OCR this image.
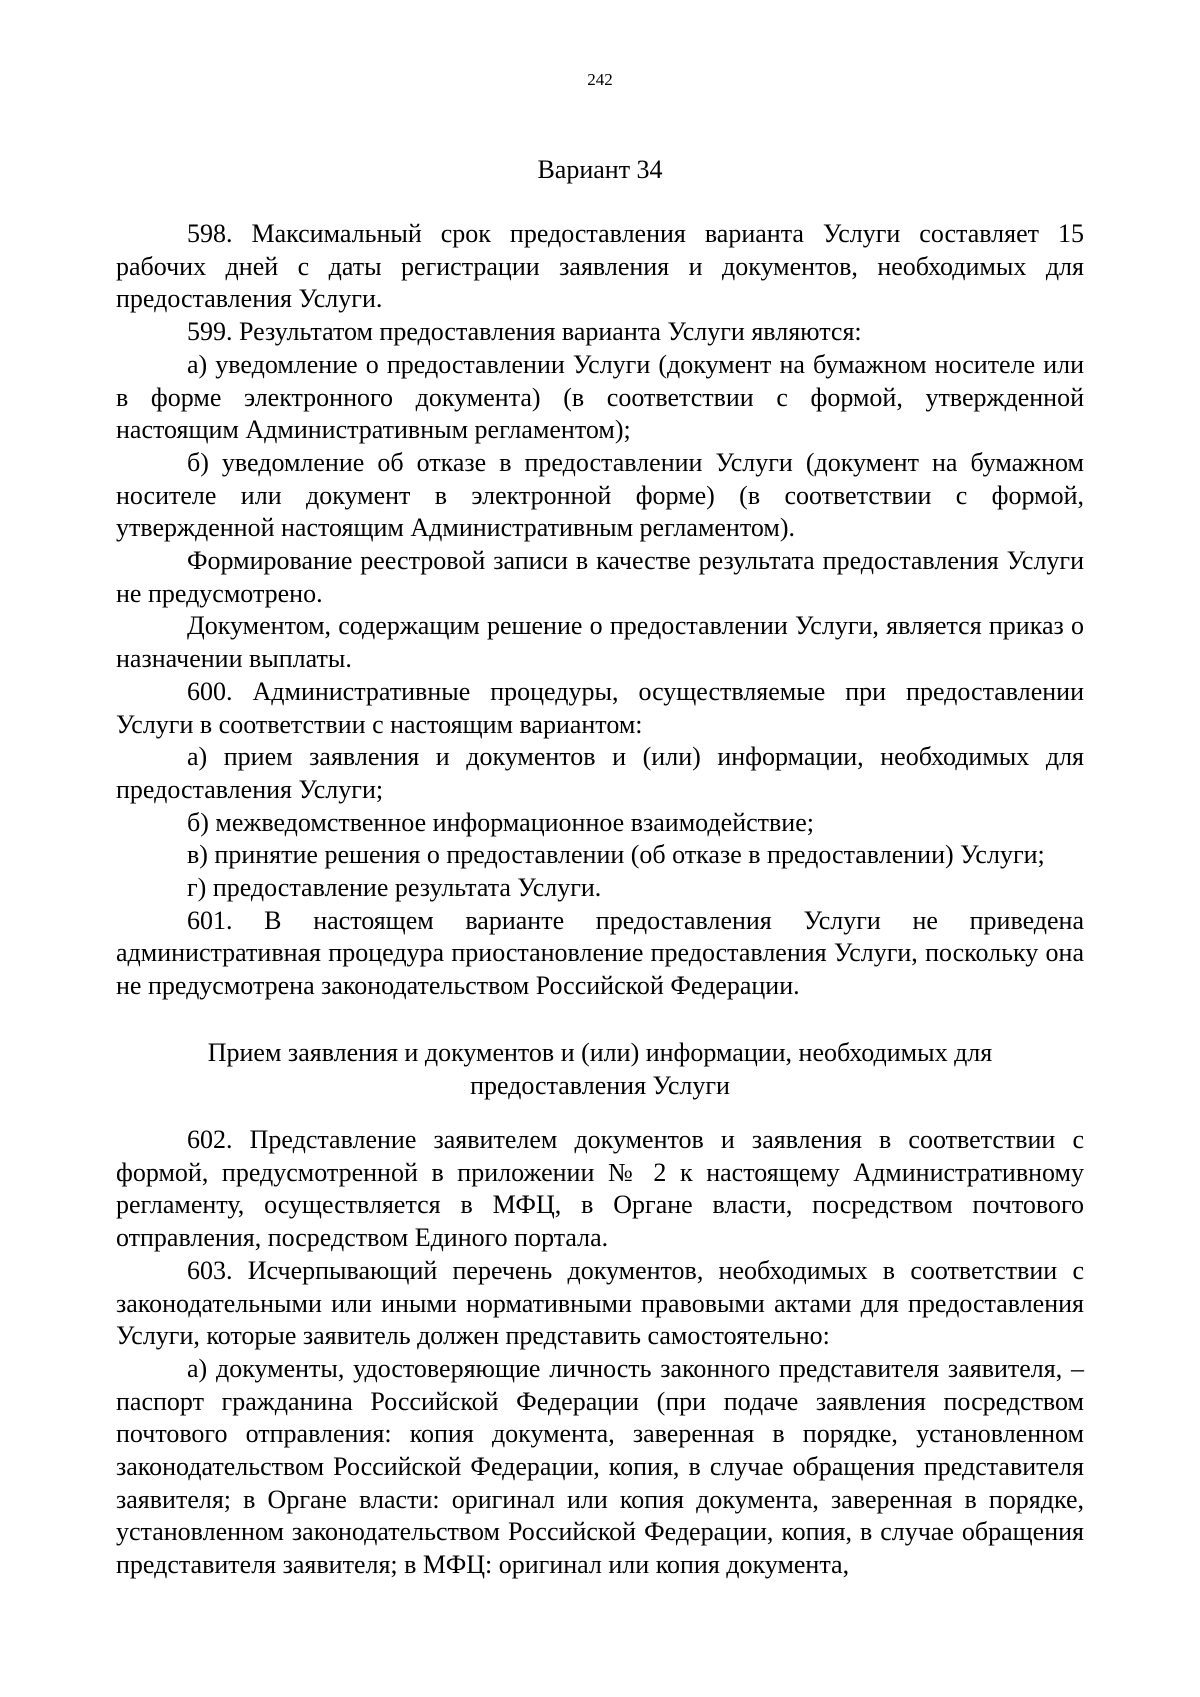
242
Вариант 34

598. Максимальный срок предоставления варианта Услуги составляет 15 рабочих дней с даты регистрации заявления и документов, необходимых для предоставления Услуги.

599. Результатом предоставления варианта Услуги являются:

а) уведомление о предоставлении Услуги (документ на бумажном носителе или в форме электронного документа) (в соответствии с формой, утвержденной настоящим Административным регламентом);

б) уведомление об отказе в предоставлении Услуги (документ на бумажном носителе или документ в электронной форме) (в соответствии с формой, утвержденной настоящим Административным регламентом).

Формирование реестровой записи в качестве результата предоставления Услуги не предусмотрено.

Документом, содержащим решение о предоставлении Услуги, является приказ о назначении выплаты.

600. Административные процедуры, осуществляемые при предоставлении Услуги в соответствии с настоящим вариантом:

а) прием заявления и документов и (или) информации, необходимых для предоставления Услуги;

б) межведомственное информационное взаимодействие;

в) принятие решения о предоставлении (об отказе в предоставлении) Услуги;

г) предоставление результата Услуги.

601. В настоящем варианте предоставления Услуги не приведена административная процедура приостановление предоставления Услуги, поскольку она не предусмотрена законодательством Российской Федерации.

Прием заявления и документов и (или) информации, необходимых для
предоставления Услуги

602. Представление заявителем документов и заявления в соответствии с формой, предусмотренной в приложении № 2 к настоящему Административному регламенту, осуществляется в МФЦ, в Органе власти, посредством почтового отправления, посредством Единого портала.

603. Исчерпывающий перечень документов, необходимых в соответствии с законодательными или иными нормативными правовыми актами для предоставления Услуги, которые заявитель должен представить самостоятельно:

а) документы, удостоверяющие личность законного представителя заявителя, – паспорт гражданина Российской Федерации (при подаче заявления посредством почтового отправления: копия документа, заверенная в порядке, установленном законодательством Российской Федерации, копия, в случае обращения представителя заявителя; в Органе власти: оригинал или копия документа, заверенная в порядке, установленном законодательством Российской Федерации, копия, в случае обращения представителя заявителя; в МФЦ: оригинал или копия документа,
